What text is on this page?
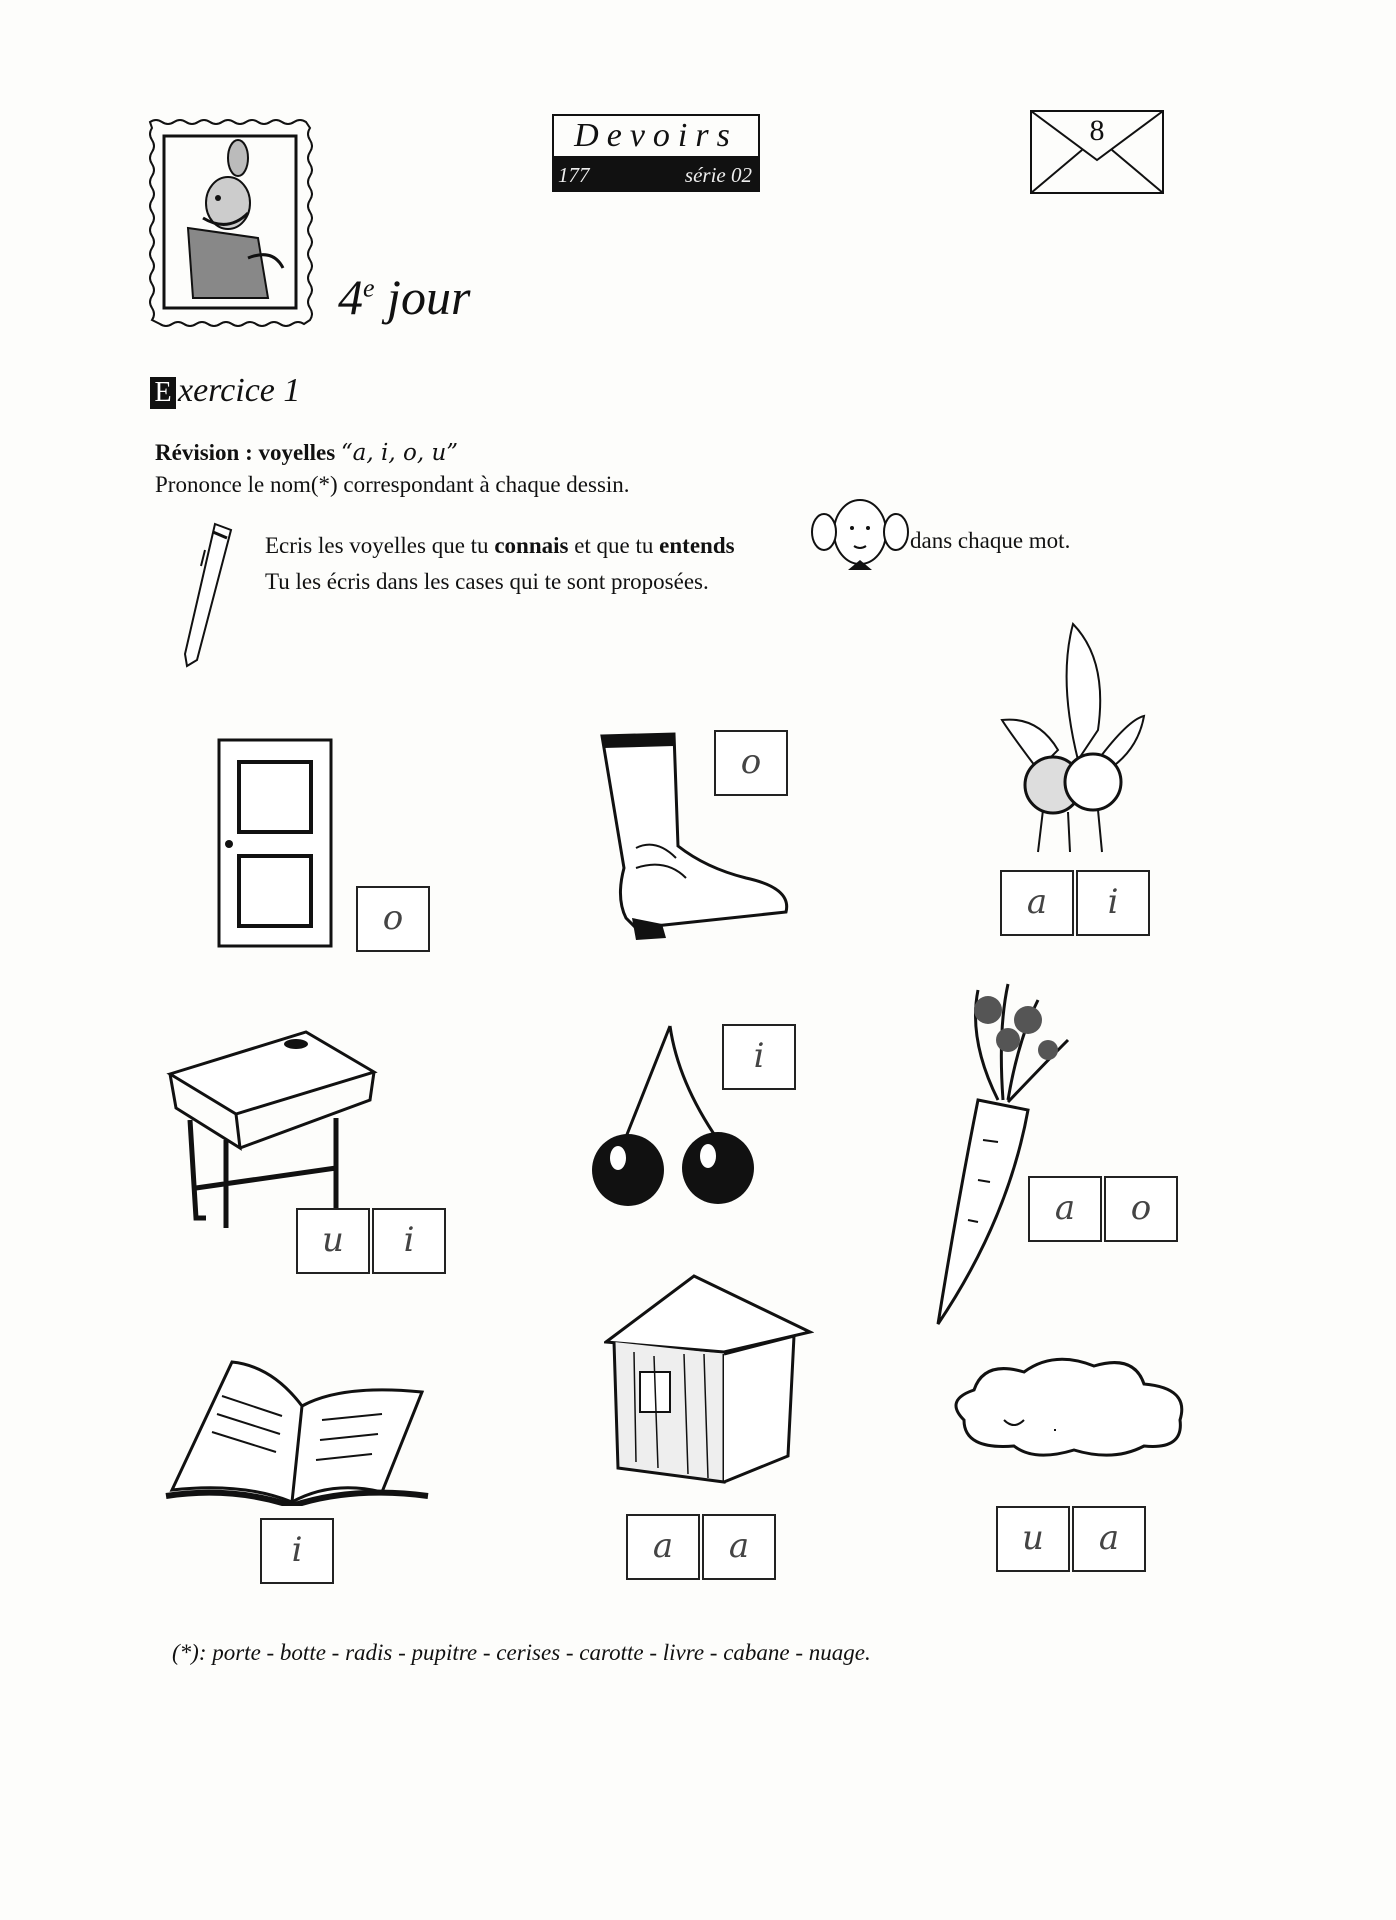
Devoirs
177	série 02
8
4e jour
E xercice 1
Révision : voyelles “a, i, o, u”
Prononce le nom(*) correspondant à chaque dessin.
Ecris les voyelles que tu connais et que tu entends
Tu les écris dans les cases qui te sont proposées.
dans chaque mot.
o
o
a	i
u	i
i
a	o
i	a	a	u	a
(*): porte - botte - radis - pupitre - cerises - carotte - livre - cabane - nuage.
